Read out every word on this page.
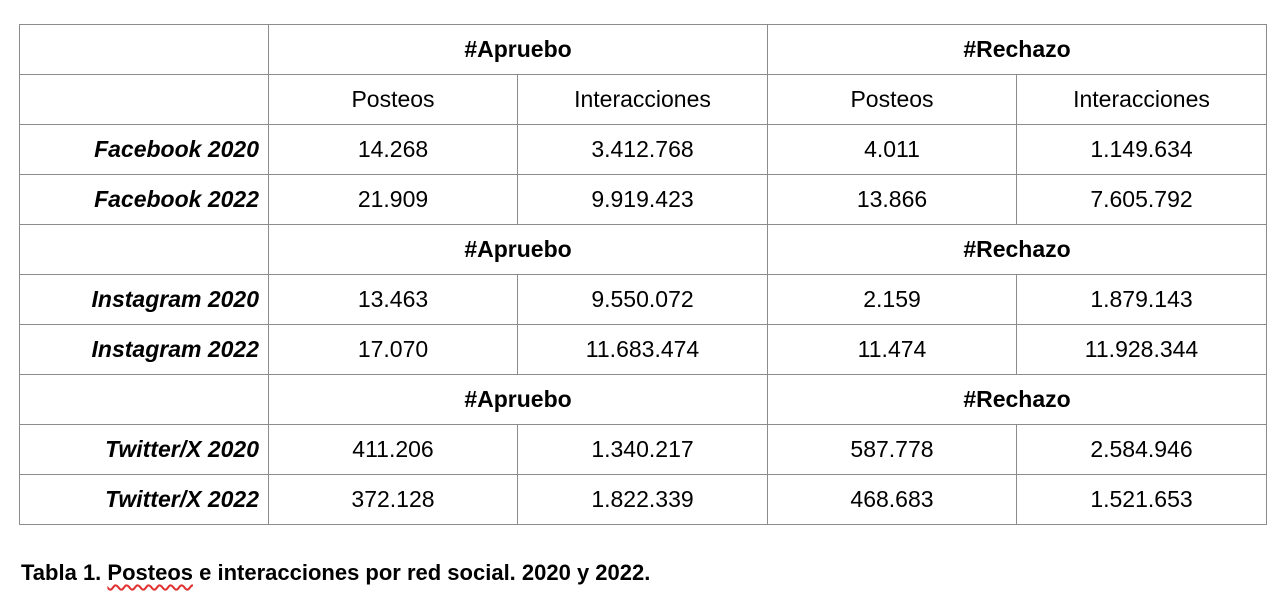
	#Apruebo		#Rechazo	
	Posteos	Interacciones	Posteos	Interacciones
Facebook 2020	14.268	3.412.768	4.011	1.149.634
Facebook 2022	21.909	9.919.423	13.866	7.605.792
	#Apruebo		#Rechazo	
Instagram 2020	13.463	9.550.072	2.159	1.879.143
Instagram 2022	17.070	11.683.474	11.474	11.928.344
	#Apruebo		#Rechazo	
Twitter/X 2020	411.206	1.340.217	587.778	2.584.946
Twitter/X 2022	372.128	1.822.339	468.683	1.521.653
Tabla 1. Posteos e interacciones por red social. 2020 y 2022.
